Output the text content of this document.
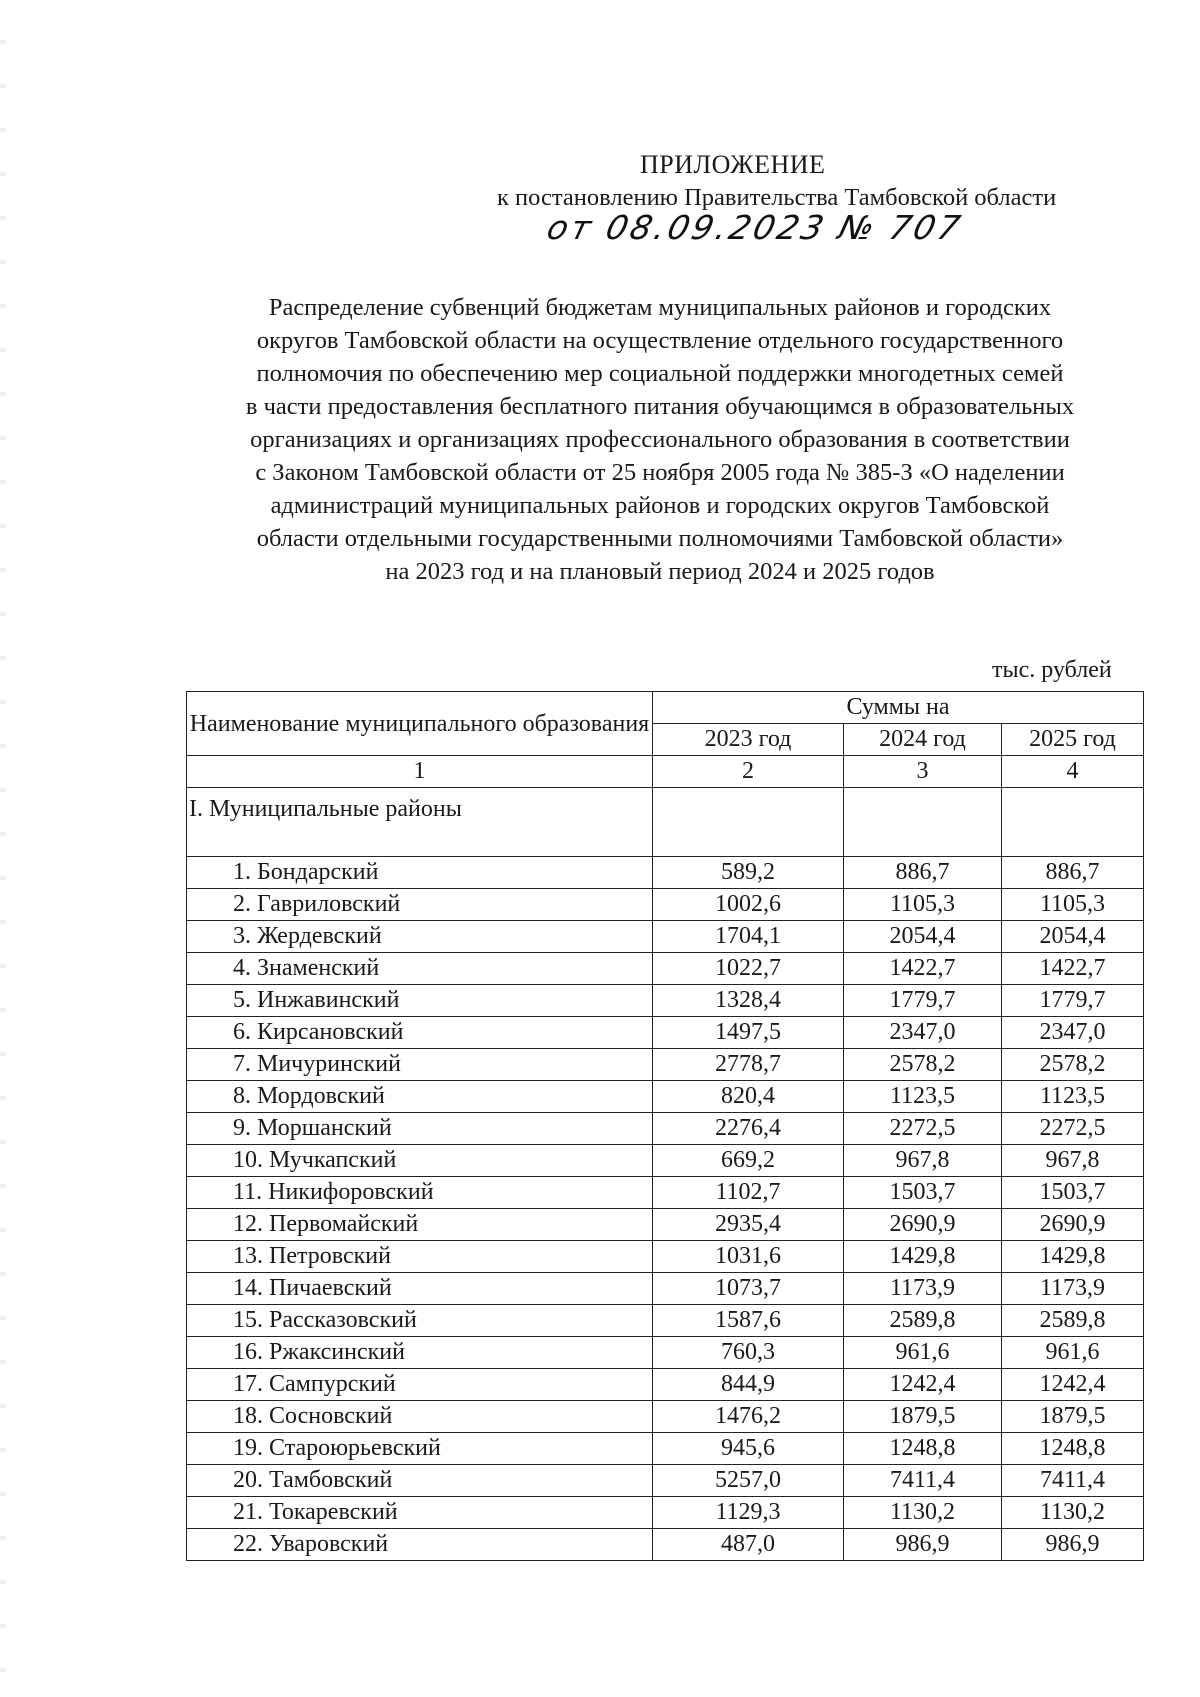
ПРИЛОЖЕНИЕ
к постановлению Правительства Тамбовской области
от 08.09.2023 № 707
Распределение субвенций бюджетам муниципальных районов и городских
округов Тамбовской области на осуществление отдельного государственного
полномочия по обеспечению мер социальной поддержки многодетных семей
в части предоставления бесплатного питания обучающимся в образовательных
организациях и организациях профессионального образования в соответствии
с Законом Тамбовской области от 25 ноября 2005 года № 385-З «О наделении
администраций муниципальных районов и городских округов Тамбовской
области отдельными государственными полномочиями Тамбовской области»
на 2023 год и на плановый период 2024 и 2025 годов
тыс. рублей
Наименование муниципального образования	Суммы на		
	2023 год	2024 год	2025 год
1	2	3	4
I. Муниципальные районы			
1. Бондарский	589,2	886,7	886,7
2. Гавриловский	1002,6	1105,3	1105,3
3. Жердевский	1704,1	2054,4	2054,4
4. Знаменский	1022,7	1422,7	1422,7
5. Инжавинский	1328,4	1779,7	1779,7
6. Кирсановский	1497,5	2347,0	2347,0
7. Мичуринский	2778,7	2578,2	2578,2
8. Мордовский	820,4	1123,5	1123,5
9. Моршанский	2276,4	2272,5	2272,5
10. Мучкапский	669,2	967,8	967,8
11. Никифоровский	1102,7	1503,7	1503,7
12. Первомайский	2935,4	2690,9	2690,9
13. Петровский	1031,6	1429,8	1429,8
14. Пичаевский	1073,7	1173,9	1173,9
15. Рассказовский	1587,6	2589,8	2589,8
16. Ржаксинский	760,3	961,6	961,6
17. Сампурский	844,9	1242,4	1242,4
18. Сосновский	1476,2	1879,5	1879,5
19. Староюрьевский	945,6	1248,8	1248,8
20. Тамбовский	5257,0	7411,4	7411,4
21. Токаревский	1129,3	1130,2	1130,2
22. Уваровский	487,0	986,9	986,9
